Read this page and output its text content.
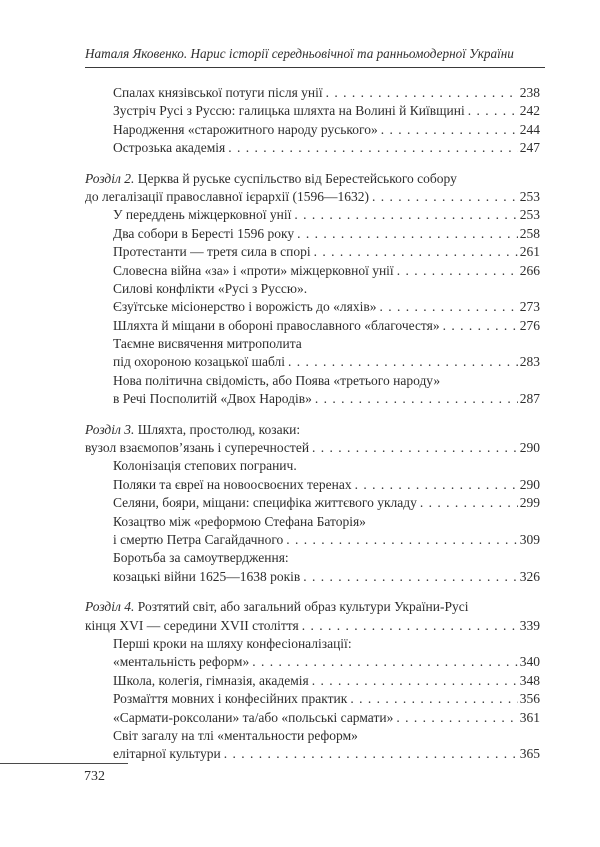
Наталя Яковенко. Нарис історії середньовічної та ранньомодерної України
Спалах князівської потуги після унії . . .	238
Зустріч Русі з Руссю: галицька шляхта на Волині й Київщині . . .	242
Народження «старожитного народу руського» . . .	244
Острозька академія . . .	247
Розділ 2. Церква й руське суспільство від Берестейського собору
до легалізації православної ієрархії (1596—1632) . . .	253
У переддень міжцерковної унії . . .	253
Два собори в Бересті 1596 року . . .	258
Протестанти — третя сила в спорі . . .	261
Словесна війна «за» і «проти» міжцерковної унії . . .	266
Силові конфлікти «Русі з Руссю».
Єзуїтське місіонерство і ворожість до «ляхів» . . .	273
Шляхта й міщани в обороні православного «благочестя» . . .	276
Таємне висвячення митрополита
під охороною козацької шаблі . . .	283
Нова політична свідомість, або Поява «третього народу»
в Речі Посполитій «Двох Народів» . . .	287
Розділ 3. Шляхта, простолюд, козаки:
вузол взаємопов’язань і суперечностей . . .	290
Колонізація степових погранич.
Поляки та євреї на новоосвоєних теренах . . .	290
Селяни, бояри, міщани: специфіка життєвого укладу . . .	299
Козацтво між «реформою Стефана Баторія»
і смертю Петра Сагайдачного . . .	309
Боротьба за самоутвердження:
козацькі війни 1625—1638 років . . .	326
Розділ 4. Розтятий світ, або загальний образ культури України-Русі
кінця XVI — середини XVII століття . . .	339
Перші кроки на шляху конфесіоналізації:
«ментальність реформ» . . .	340
Школа, колегія, гімназія, академія . . .	348
Розмаїття мовних і конфесійних практик . . .	356
«Сармати-роксолани» та/або «польські сармати» . . .	361
Світ загалу на тлі «ментальности реформ»
елітарної культури . . .	365
732
